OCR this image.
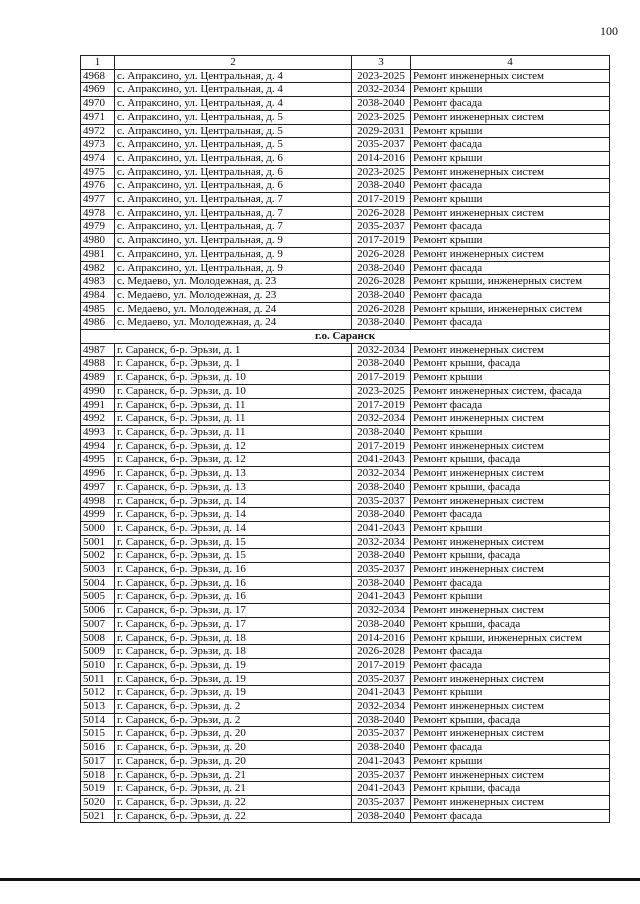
100
1	2	3	4
4968	с. Апраксино, ул. Центральная, д. 4	2023-2025	Ремонт инженерных систем
4969	с. Апраксино, ул. Центральная, д. 4	2032-2034	Ремонт крыши
4970	с. Апраксино, ул. Центральная, д. 4	2038-2040	Ремонт фасада
4971	с. Апраксино, ул. Центральная, д. 5	2023-2025	Ремонт инженерных систем
4972	с. Апраксино, ул. Центральная, д. 5	2029-2031	Ремонт крыши
4973	с. Апраксино, ул. Центральная, д. 5	2035-2037	Ремонт фасада
4974	с. Апраксино, ул. Центральная, д. 6	2014-2016	Ремонт крыши
4975	с. Апраксино, ул. Центральная, д. 6	2023-2025	Ремонт инженерных систем
4976	с. Апраксино, ул. Центральная, д. 6	2038-2040	Ремонт фасада
4977	с. Апраксино, ул. Центральная, д. 7	2017-2019	Ремонт крыши
4978	с. Апраксино, ул. Центральная, д. 7	2026-2028	Ремонт инженерных систем
4979	с. Апраксино, ул. Центральная, д. 7	2035-2037	Ремонт фасада
4980	с. Апраксино, ул. Центральная, д. 9	2017-2019	Ремонт крыши
4981	с. Апраксино, ул. Центральная, д. 9	2026-2028	Ремонт инженерных систем
4982	с. Апраксино, ул. Центральная, д. 9	2038-2040	Ремонт фасада
4983	с. Медаево, ул. Молодежная, д. 23	2026-2028	Ремонт крыши, инженерных систем
4984	с. Медаево, ул. Молодежная, д. 23	2038-2040	Ремонт фасада
4985	с. Медаево, ул. Молодежная, д. 24	2026-2028	Ремонт крыши, инженерных систем
4986	с. Медаево, ул. Молодежная, д. 24	2038-2040	Ремонт фасада
г.о. Саранск			
4987	г. Саранск, б-р. Эрьзи, д. 1	2032-2034	Ремонт инженерных систем
4988	г. Саранск, б-р. Эрьзи, д. 1	2038-2040	Ремонт крыши, фасада
4989	г. Саранск, б-р. Эрьзи, д. 10	2017-2019	Ремонт крыши
4990	г. Саранск, б-р. Эрьзи, д. 10	2023-2025	Ремонт инженерных систем, фасада
4991	г. Саранск, б-р. Эрьзи, д. 11	2017-2019	Ремонт фасада
4992	г. Саранск, б-р. Эрьзи, д. 11	2032-2034	Ремонт инженерных систем
4993	г. Саранск, б-р. Эрьзи, д. 11	2038-2040	Ремонт крыши
4994	г. Саранск, б-р. Эрьзи, д. 12	2017-2019	Ремонт инженерных систем
4995	г. Саранск, б-р. Эрьзи, д. 12	2041-2043	Ремонт крыши, фасада
4996	г. Саранск, б-р. Эрьзи, д. 13	2032-2034	Ремонт инженерных систем
4997	г. Саранск, б-р. Эрьзи, д. 13	2038-2040	Ремонт крыши, фасада
4998	г. Саранск, б-р. Эрьзи, д. 14	2035-2037	Ремонт инженерных систем
4999	г. Саранск, б-р. Эрьзи, д. 14	2038-2040	Ремонт фасада
5000	г. Саранск, б-р. Эрьзи, д. 14	2041-2043	Ремонт крыши
5001	г. Саранск, б-р. Эрьзи, д. 15	2032-2034	Ремонт инженерных систем
5002	г. Саранск, б-р. Эрьзи, д. 15	2038-2040	Ремонт крыши, фасада
5003	г. Саранск, б-р. Эрьзи, д. 16	2035-2037	Ремонт инженерных систем
5004	г. Саранск, б-р. Эрьзи, д. 16	2038-2040	Ремонт фасада
5005	г. Саранск, б-р. Эрьзи, д. 16	2041-2043	Ремонт крыши
5006	г. Саранск, б-р. Эрьзи, д. 17	2032-2034	Ремонт инженерных систем
5007	г. Саранск, б-р. Эрьзи, д. 17	2038-2040	Ремонт крыши, фасада
5008	г. Саранск, б-р. Эрьзи, д. 18	2014-2016	Ремонт крыши, инженерных систем
5009	г. Саранск, б-р. Эрьзи, д. 18	2026-2028	Ремонт фасада
5010	г. Саранск, б-р. Эрьзи, д. 19	2017-2019	Ремонт фасада
5011	г. Саранск, б-р. Эрьзи, д. 19	2035-2037	Ремонт инженерных систем
5012	г. Саранск, б-р. Эрьзи, д. 19	2041-2043	Ремонт крыши
5013	г. Саранск, б-р. Эрьзи, д. 2	2032-2034	Ремонт инженерных систем
5014	г. Саранск, б-р. Эрьзи, д. 2	2038-2040	Ремонт крыши, фасада
5015	г. Саранск, б-р. Эрьзи, д. 20	2035-2037	Ремонт инженерных систем
5016	г. Саранск, б-р. Эрьзи, д. 20	2038-2040	Ремонт фасада
5017	г. Саранск, б-р. Эрьзи, д. 20	2041-2043	Ремонт крыши
5018	г. Саранск, б-р. Эрьзи, д. 21	2035-2037	Ремонт инженерных систем
5019	г. Саранск, б-р. Эрьзи, д. 21	2041-2043	Ремонт крыши, фасада
5020	г. Саранск, б-р. Эрьзи, д. 22	2035-2037	Ремонт инженерных систем
5021	г. Саранск, б-р. Эрьзи, д. 22	2038-2040	Ремонт фасада
